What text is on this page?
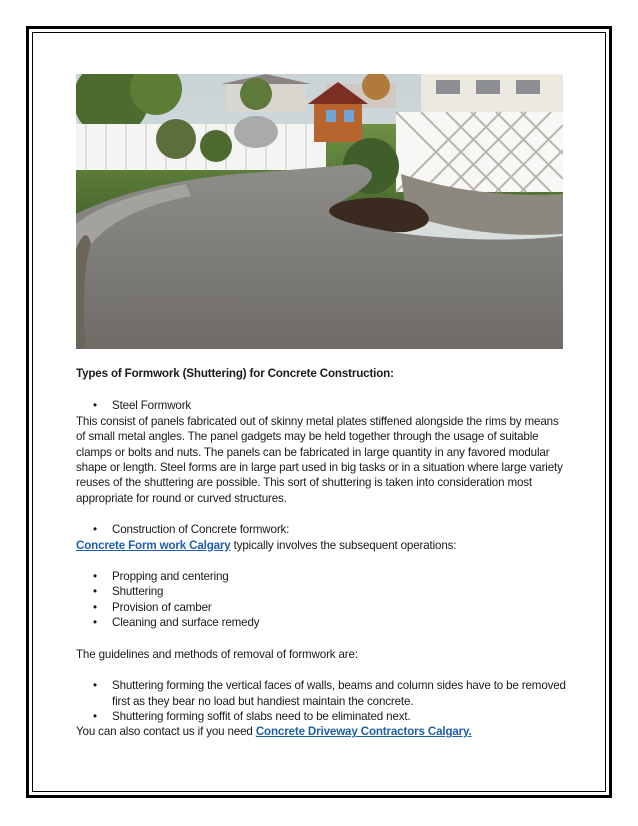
Types of Formwork (Shuttering) for Concrete Construction:

• Steel Formwork

This consist of panels fabricated out of skinny metal plates stiffened alongside the rims by means of small metal angles. The panel gadgets may be held together through the usage of suitable clamps or bolts and nuts. The panels can be fabricated in large quantity in any favored modular shape or length. Steel forms are in large part used in big tasks or in a situation where large variety reuses of the shuttering are possible. This sort of shuttering is taken into consideration most appropriate for round or curved structures.

• Construction of Concrete formwork:

Concrete Form work Calgary typically involves the subsequent operations:

• Propping and centering

• Shuttering

• Provision of camber

• Cleaning and surface remedy

The guidelines and methods of removal of formwork are:

• Shuttering forming the vertical faces of walls, beams and column sides have to be removed first as they bear no load but handiest maintain the concrete.

• Shuttering forming soffit of slabs need to be eliminated next.

You can also contact us if you need Concrete Driveway Contractors Calgary.
